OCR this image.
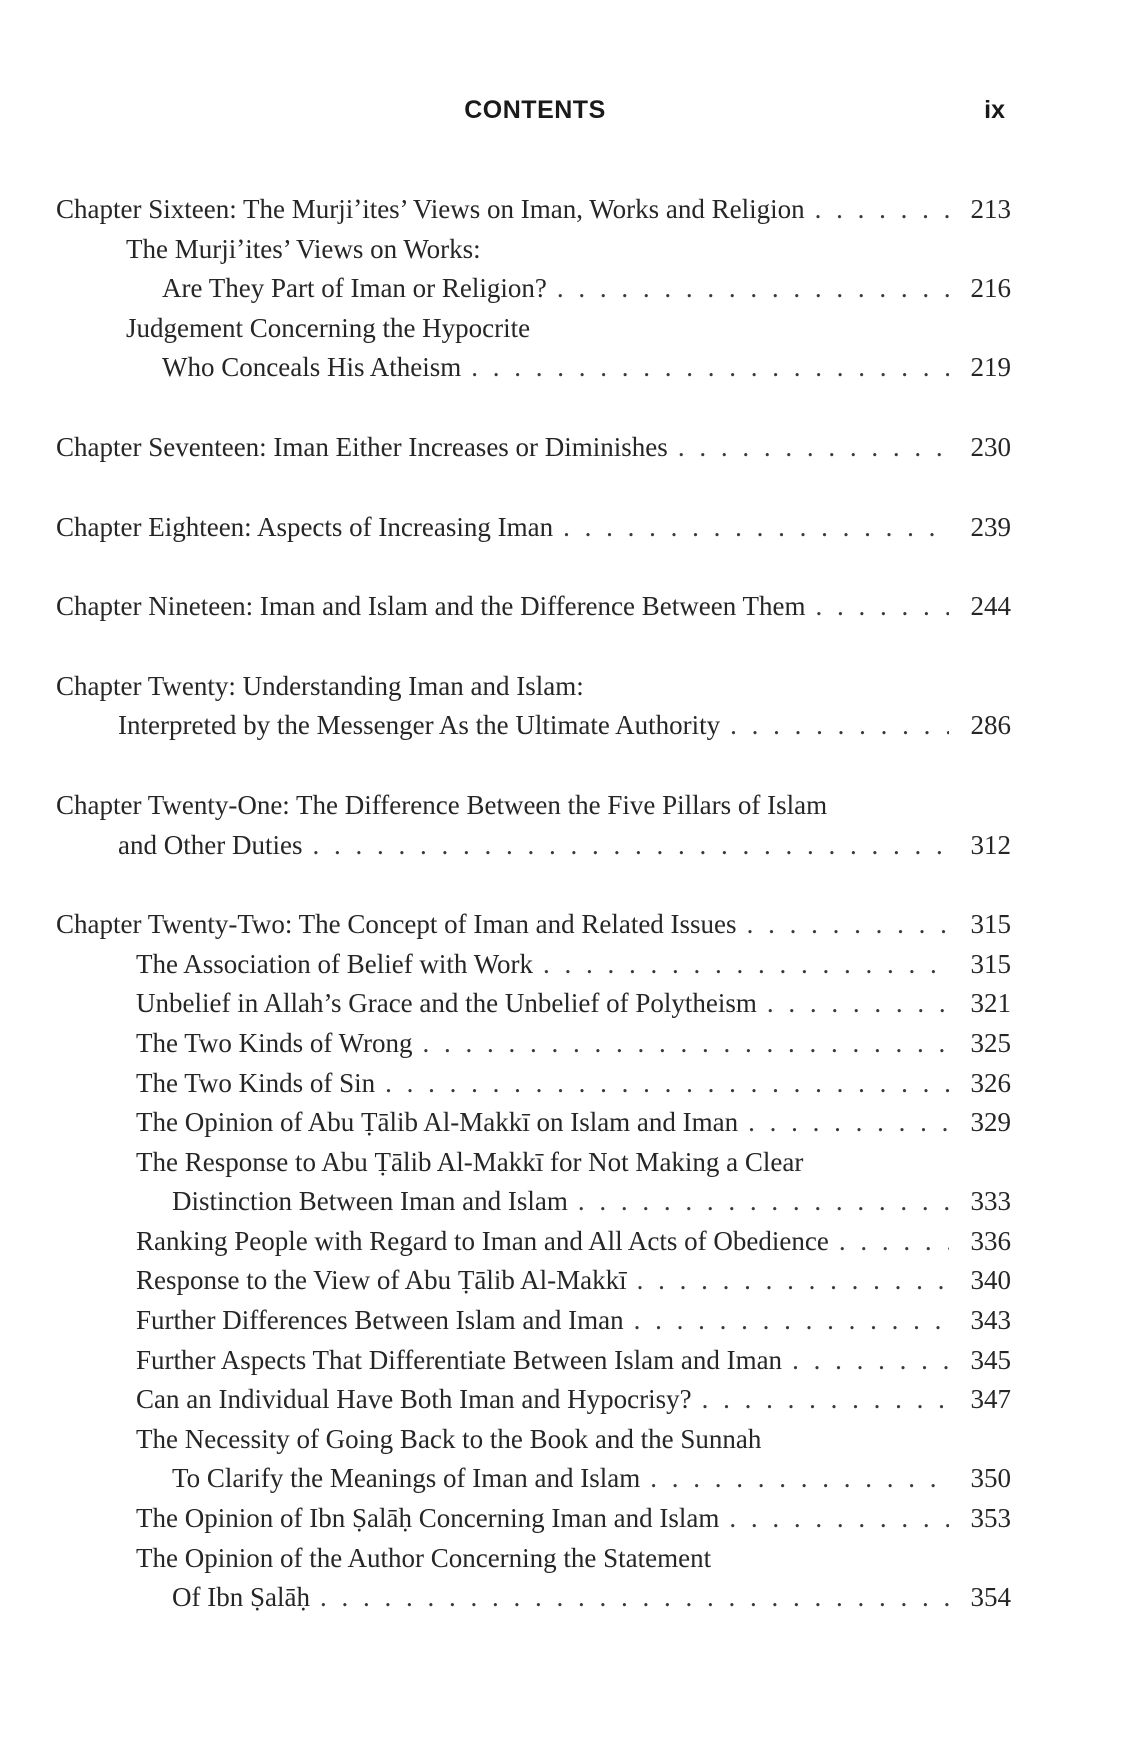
CONTENTS	ix
Chapter Sixteen: The Murjiʼites’ Views on Iman, Works and Religion . . .	213
The Murjiʼites’ Views on Works:
Are They Part of Iman or Religion? . . .	216
Judgement Concerning the Hypocrite
Who Conceals His Atheism . . .	219
Chapter Seventeen: Iman Either Increases or Diminishes . . .	230
Chapter Eighteen: Aspects of Increasing Iman . . .	239
Chapter Nineteen: Iman and Islam and the Difference Between Them . . .	244
Chapter Twenty: Understanding Iman and Islam:
Interpreted by the Messenger As the Ultimate Authority . . .	286
Chapter Twenty-One: The Difference Between the Five Pillars of Islam
and Other Duties . . .	312
Chapter Twenty-Two: The Concept of Iman and Related Issues . . .	315
The Association of Belief with Work . . .	315
Unbelief in Allah’s Grace and the Unbelief of Polytheism . . .	321
The Two Kinds of Wrong . . .	325
The Two Kinds of Sin . . .	326
The Opinion of Abu Ṭālib Al-Makkī on Islam and Iman . . .	329
The Response to Abu Ṭālib Al-Makkī for Not Making a Clear
Distinction Between Iman and Islam . . .	333
Ranking People with Regard to Iman and All Acts of Obedience . . .	336
Response to the View of Abu Ṭālib Al-Makkī . . .	340
Further Differences Between Islam and Iman . . .	343
Further Aspects That Differentiate Between Islam and Iman . . .	345
Can an Individual Have Both Iman and Hypocrisy? . . .	347
The Necessity of Going Back to the Book and the Sunnah
To Clarify the Meanings of Iman and Islam . . .	350
The Opinion of Ibn Ṣalāḥ Concerning Iman and Islam . . .	353
The Opinion of the Author Concerning the Statement
Of Ibn Ṣalāḥ . . .	354
